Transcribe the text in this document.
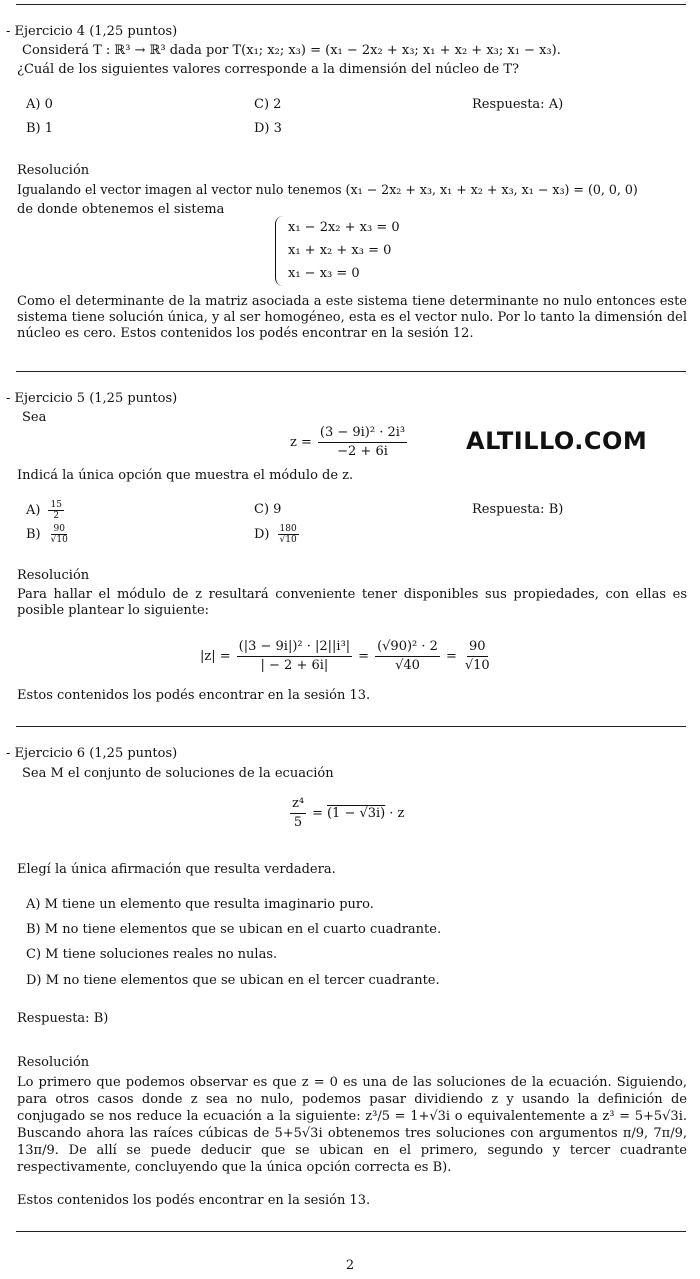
- Ejercicio 4 (1,25 puntos)
Considerá T : ℝ³ → ℝ³ dada por T(x₁; x₂; x₃) = (x₁ − 2x₂ + x₃; x₁ + x₂ + x₃; x₁ − x₃).
¿Cuál de los siguientes valores corresponde a la dimensión del núcleo de T?
A) 0
B) 1
C) 2
D) 3
Respuesta: A)
Resolución
Igualando el vector imagen al vector nulo tenemos (x₁ − 2x₂ + x₃, x₁ + x₂ + x₃, x₁ − x₃) = (0, 0, 0)
de donde obtenemos el sistema
x₁ − 2x₂ + x₃ = 0
x₁ + x₂ + x₃ = 0
x₁ − x₃ = 0
Como el determinante de la matriz asociada a este sistema tiene determinante no nulo entonces este sistema tiene solución única, y al ser homogéneo, esta es el vector nulo. Por lo tanto la dimensión del núcleo es cero. Estos contenidos los podés encontrar en la sesión 12.
- Ejercicio 5 (1,25 puntos)
Sea
$z = \frac{\text{(3 − 9i)² · 2i³}}{-2 + 6i}$ ALTILLO.COM
Indicá la única opción que muestra el módulo de z.
$A) \frac{15}{2}$
$B) \frac{90}{√10}$
C) 9
$D) \frac{180}{√10}$
Respuesta: B)
Resolución
Para hallar el módulo de z resultará conveniente tener disponibles sus propiedades, con ellas es posible plantear lo siguiente:
$|z| = \frac{\text{(|3 − 9i|)² · |2||i³|}}{| - 2 + 6i|} = \frac{\text{(√90)² · 2}}{√40} = \frac{90}{√10}$
Estos contenidos los podés encontrar en la sesión 13.
- Ejercicio 6 (1,25 puntos)
Sea M el conjunto de soluciones de la ecuación
$\frac{\text{z⁴}}{5} = (1 - √3i) \cdot z$
Elegí la única afirmación que resulta verdadera.
A) M tiene un elemento que resulta imaginario puro.
B) M no tiene elementos que se ubican en el cuarto cuadrante.
C) M tiene soluciones reales no nulas.
D) M no tiene elementos que se ubican en el tercer cuadrante.
Respuesta: B)
Resolución
Lo primero que podemos observar es que z = 0 es una de las soluciones de la ecuación. Siguiendo, para otros casos donde z sea no nulo, podemos pasar dividiendo z y usando la definición de conjugado se nos reduce la ecuación a la siguiente: z³/5 = 1+√3i o equivalentemente a z³ = 5+5√3i. Buscando ahora las raíces cúbicas de 5+5√3i obtenemos tres soluciones con argumentos π/9, 7π/9, 13π/9. De allí se puede deducir que se ubican en el primero, segundo y tercer cuadrante respectivamente, concluyendo que la única opción correcta es B).
Estos contenidos los podés encontrar en la sesión 13.
2
